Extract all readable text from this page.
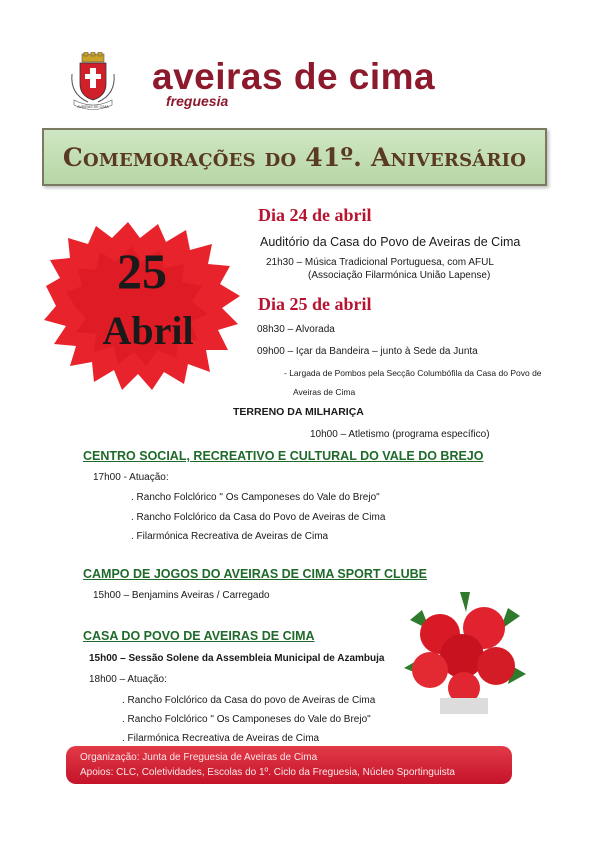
AVEIRAS DE CIMA
aveiras de cima
freguesia
Comemorações do 41º. Aniversário
25
Abril
Dia 24 de abril
Auditório da Casa do Povo de Aveiras de Cima
21h30 – Música Tradicional Portuguesa, com AFUL
(Associação Filarmónica União Lapense)
Dia 25 de abril
08h30 – Alvorada
09h00 – Içar da Bandeira – junto à Sede da Junta
- Largada de Pombos pela Secção Columbófila da Casa do Povo de
Aveiras de Cima
TERRENO DA MILHARIÇA
10h00 – Atletismo (programa específico)
CENTRO SOCIAL, RECREATIVO E CULTURAL DO VALE DO BREJO
17h00 - Atuação:
. Rancho Folclórico " Os Camponeses do Vale do Brejo"
. Rancho Folclórico da Casa do Povo de Aveiras de Cima
. Filarmónica Recreativa de Aveiras de Cima
CAMPO DE JOGOS DO AVEIRAS DE CIMA SPORT CLUBE
15h00 – Benjamins Aveiras / Carregado
CASA DO POVO DE AVEIRAS DE CIMA
15h00 – Sessão Solene da Assembleia Municipal de Azambuja
18h00 – Atuação:
. Rancho Folclórico da Casa do povo de Aveiras de Cima
. Rancho Folclórico " Os Camponeses do Vale do Brejo"
. Filarmónica Recreativa de Aveiras de Cima
Organização: Junta de Freguesia de Aveiras de Cima
Apoios: CLC, Coletividades, Escolas do 1º. Ciclo da Freguesia, Núcleo Sportinguista
